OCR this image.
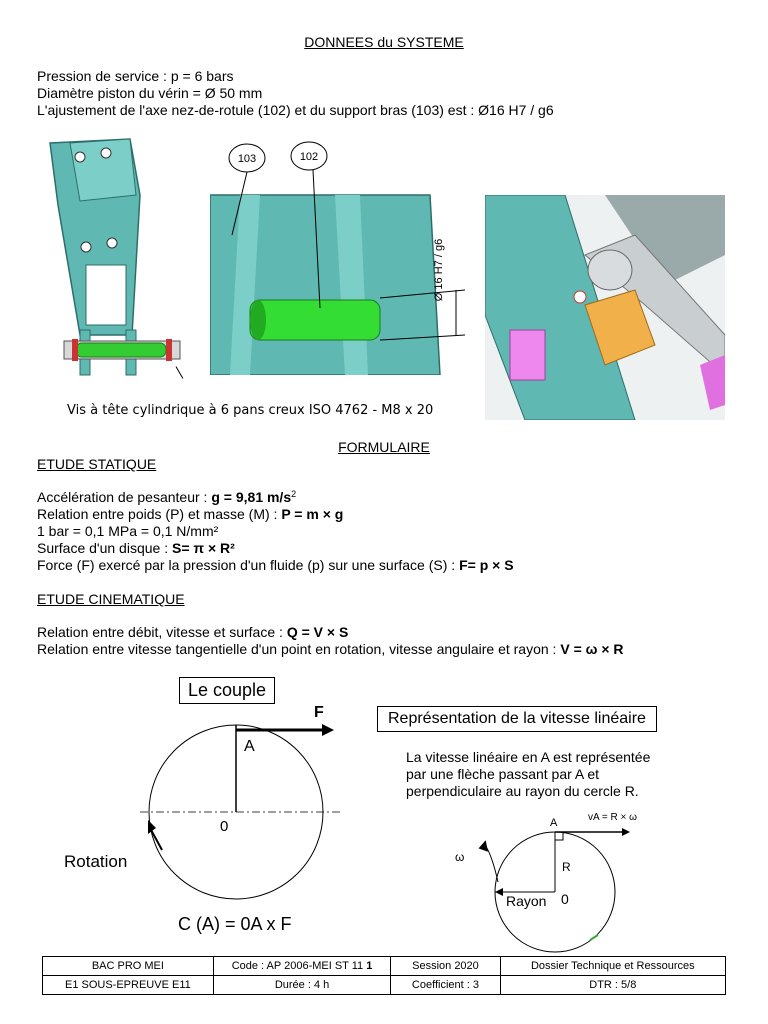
DONNEES du SYSTEME
Pression de service : p = 6 bars
Diamètre piston du vérin = Ø 50 mm
L'ajustement de l'axe nez-de-rotule (102) et du support bras (103) est : Ø16 H7 / g6
103	102
Ø 16 H7 / g6
Vis à tête cylindrique à 6 pans creux ISO 4762 - M8 x 20
FORMULAIRE
ETUDE STATIQUE
Accélération de pesanteur : g = 9,81 $m/s^2$
Relation entre poids (P) et masse (M) : P = m × g
1 bar = 0,1 MPa = 0,1 N/mm²
Surface d'un disque : S= π × R²
Force (F) exercé par la pression d'un fluide (p) sur une surface (S) : F= p × S
ETUDE CINEMATIQUE
Relation entre débit, vitesse et surface : Q = V × S
Relation entre vitesse tangentielle d'un point en rotation, vitesse angulaire et rayon : V = ω × R
Le couple
F
A
0
Rotation
C (A) = 0A x F
Représentation de la vitesse linéaire
La vitesse linéaire en A est représentée
par une flèche passant par A et
perpendiculaire au rayon du cercle R.
A	vA = R × ω
ω
R
Rayon 0
BAC PRO MEI	Code : AP 2006-MEI ST 11 1	Session 2020	Dossier Technique et Ressources
E1 SOUS-EPREUVE E11	Durée : 4 h	Coefficient : 3	DTR : 5/8
